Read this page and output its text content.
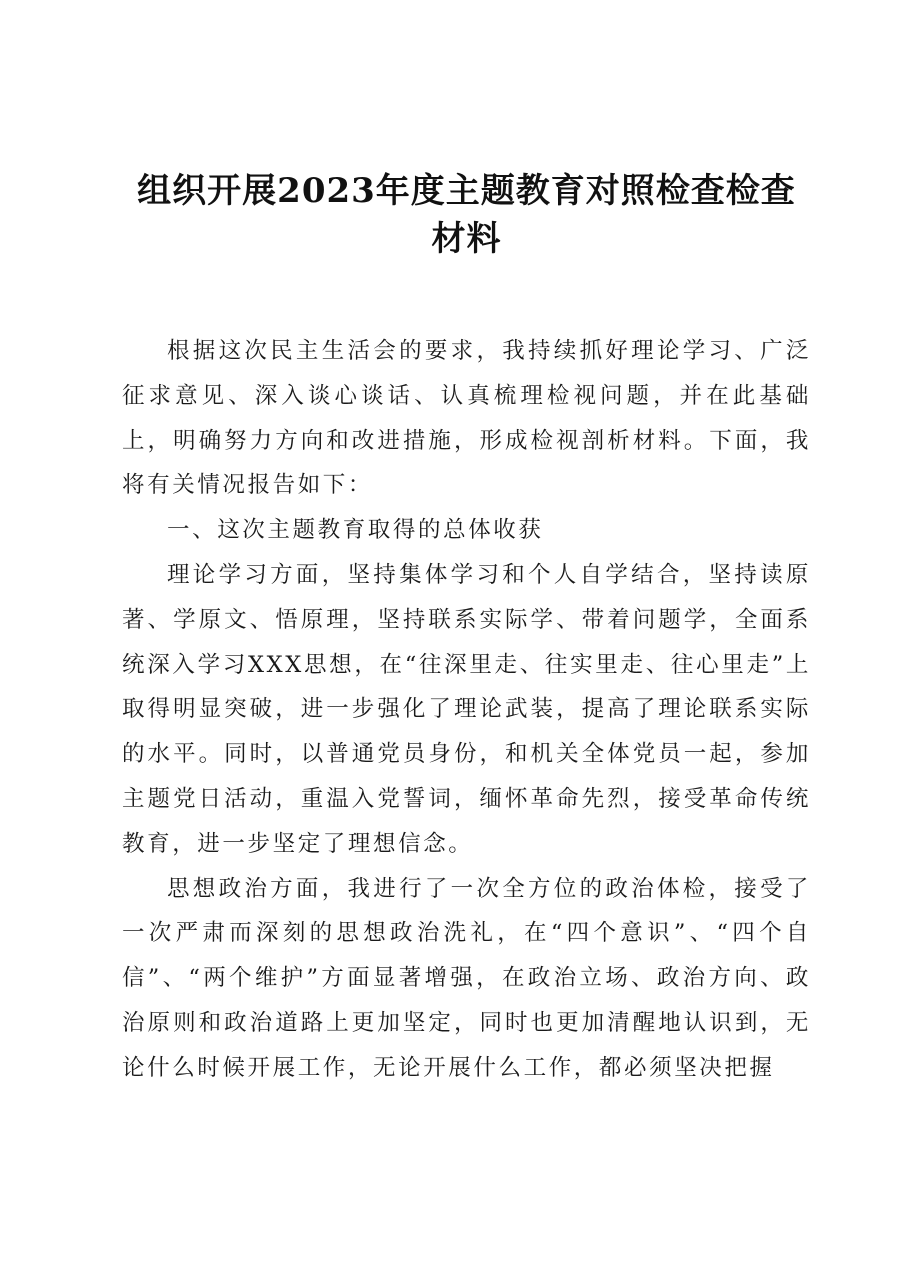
组织开展2023年度主题教育对照检查检查材料

根据这次民主生活会的要求，我持续抓好理论学习、广泛征求意见、深入谈心谈话、认真梳理检视问题，并在此基础上，明确努力方向和改进措施，形成检视剖析材料。下面，我将有关情况报告如下：

一、这次主题教育取得的总体收获

理论学习方面，坚持集体学习和个人自学结合，坚持读原著、学原文、悟原理，坚持联系实际学、带着问题学，全面系统深入学习XXX思想，在“往深里走、往实里走、往心里走”上取得明显突破，进一步强化了理论武装，提高了理论联系实际的水平。同时，以普通党员身份，和机关全体党员一起，参加主题党日活动，重温入党誓词，缅怀革命先烈，接受革命传统教育，进一步坚定了理想信念。

思想政治方面，我进行了一次全方位的政治体检，接受了一次严肃而深刻的思想政治洗礼，在“四个意识”、“四个自信”、“两个维护”方面显著增强，在政治立场、政治方向、政治原则和政治道路上更加坚定，同时也更加清醒地认识到，无论什么时候开展工作，无论开展什么工作，都必须坚决把握
